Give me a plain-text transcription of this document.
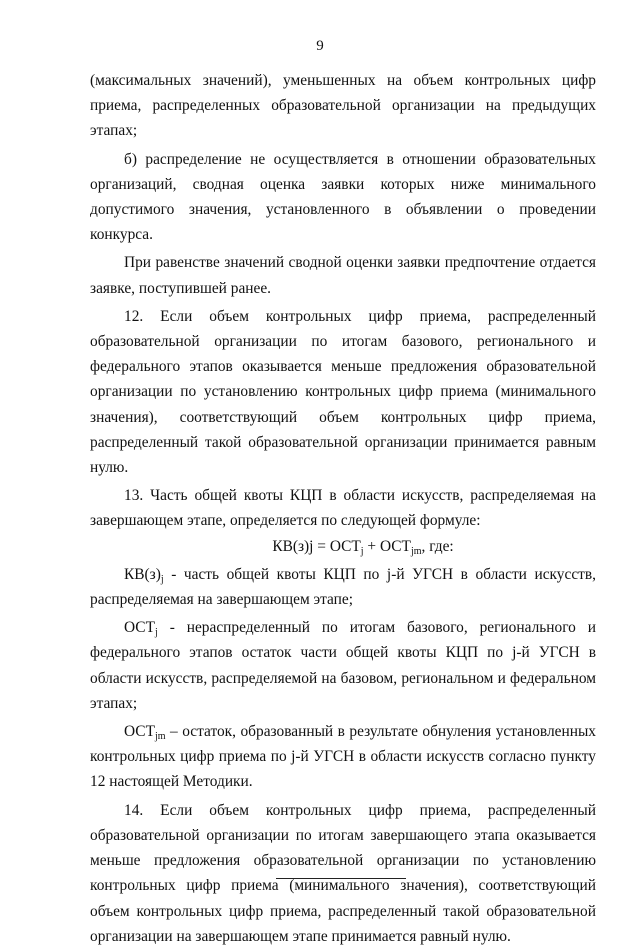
9

(максимальных значений), уменьшенных на объем контрольных цифр приема, распределенных образовательной организации на предыдущих этапах;

б) распределение не осуществляется в отношении образовательных организаций, сводная оценка заявки которых ниже минимального допустимого значения, установленного в объявлении о проведении конкурса.

При равенстве значений сводной оценки заявки предпочтение отдается заявке, поступившей ранее.

12. Если объем контрольных цифр приема, распределенный образовательной организации по итогам базового, регионального и федерального этапов оказывается меньше предложения образовательной организации по установлению контрольных цифр приема (минимального значения), соответствующий объем контрольных цифр приема, распределенный такой образовательной организации принимается равным нулю.

13. Часть общей квоты КЦП в области искусств, распределяемая на завершающем этапе, определяется по следующей формуле:

$КВ(з)j = ОСТ_j + ОСТ_{jm}$, где:

$КВ(з)_j$ - часть общей квоты КЦП по j-й УГСН в области искусств, распределяемая на завершающем этапе;

$ОСТ_j$ - нераспределенный по итогам базового, регионального и федерального этапов остаток части общей квоты КЦП по j-й УГСН в области искусств, распределяемой на базовом, региональном и федеральном этапах;

$ОСТ_{jm}$ – остаток, образованный в результате обнуления установленных контрольных цифр приема по j-й УГСН в области искусств согласно пункту 12 настоящей Методики.

14. Если объем контрольных цифр приема, распределенный образовательной организации по итогам завершающего этапа оказывается меньше предложения образовательной организации по установлению контрольных цифр приема (минимального значения), соответствующий объем контрольных цифр приема, распределенный такой образовательной организации на завершающем этапе принимается равный нулю.
